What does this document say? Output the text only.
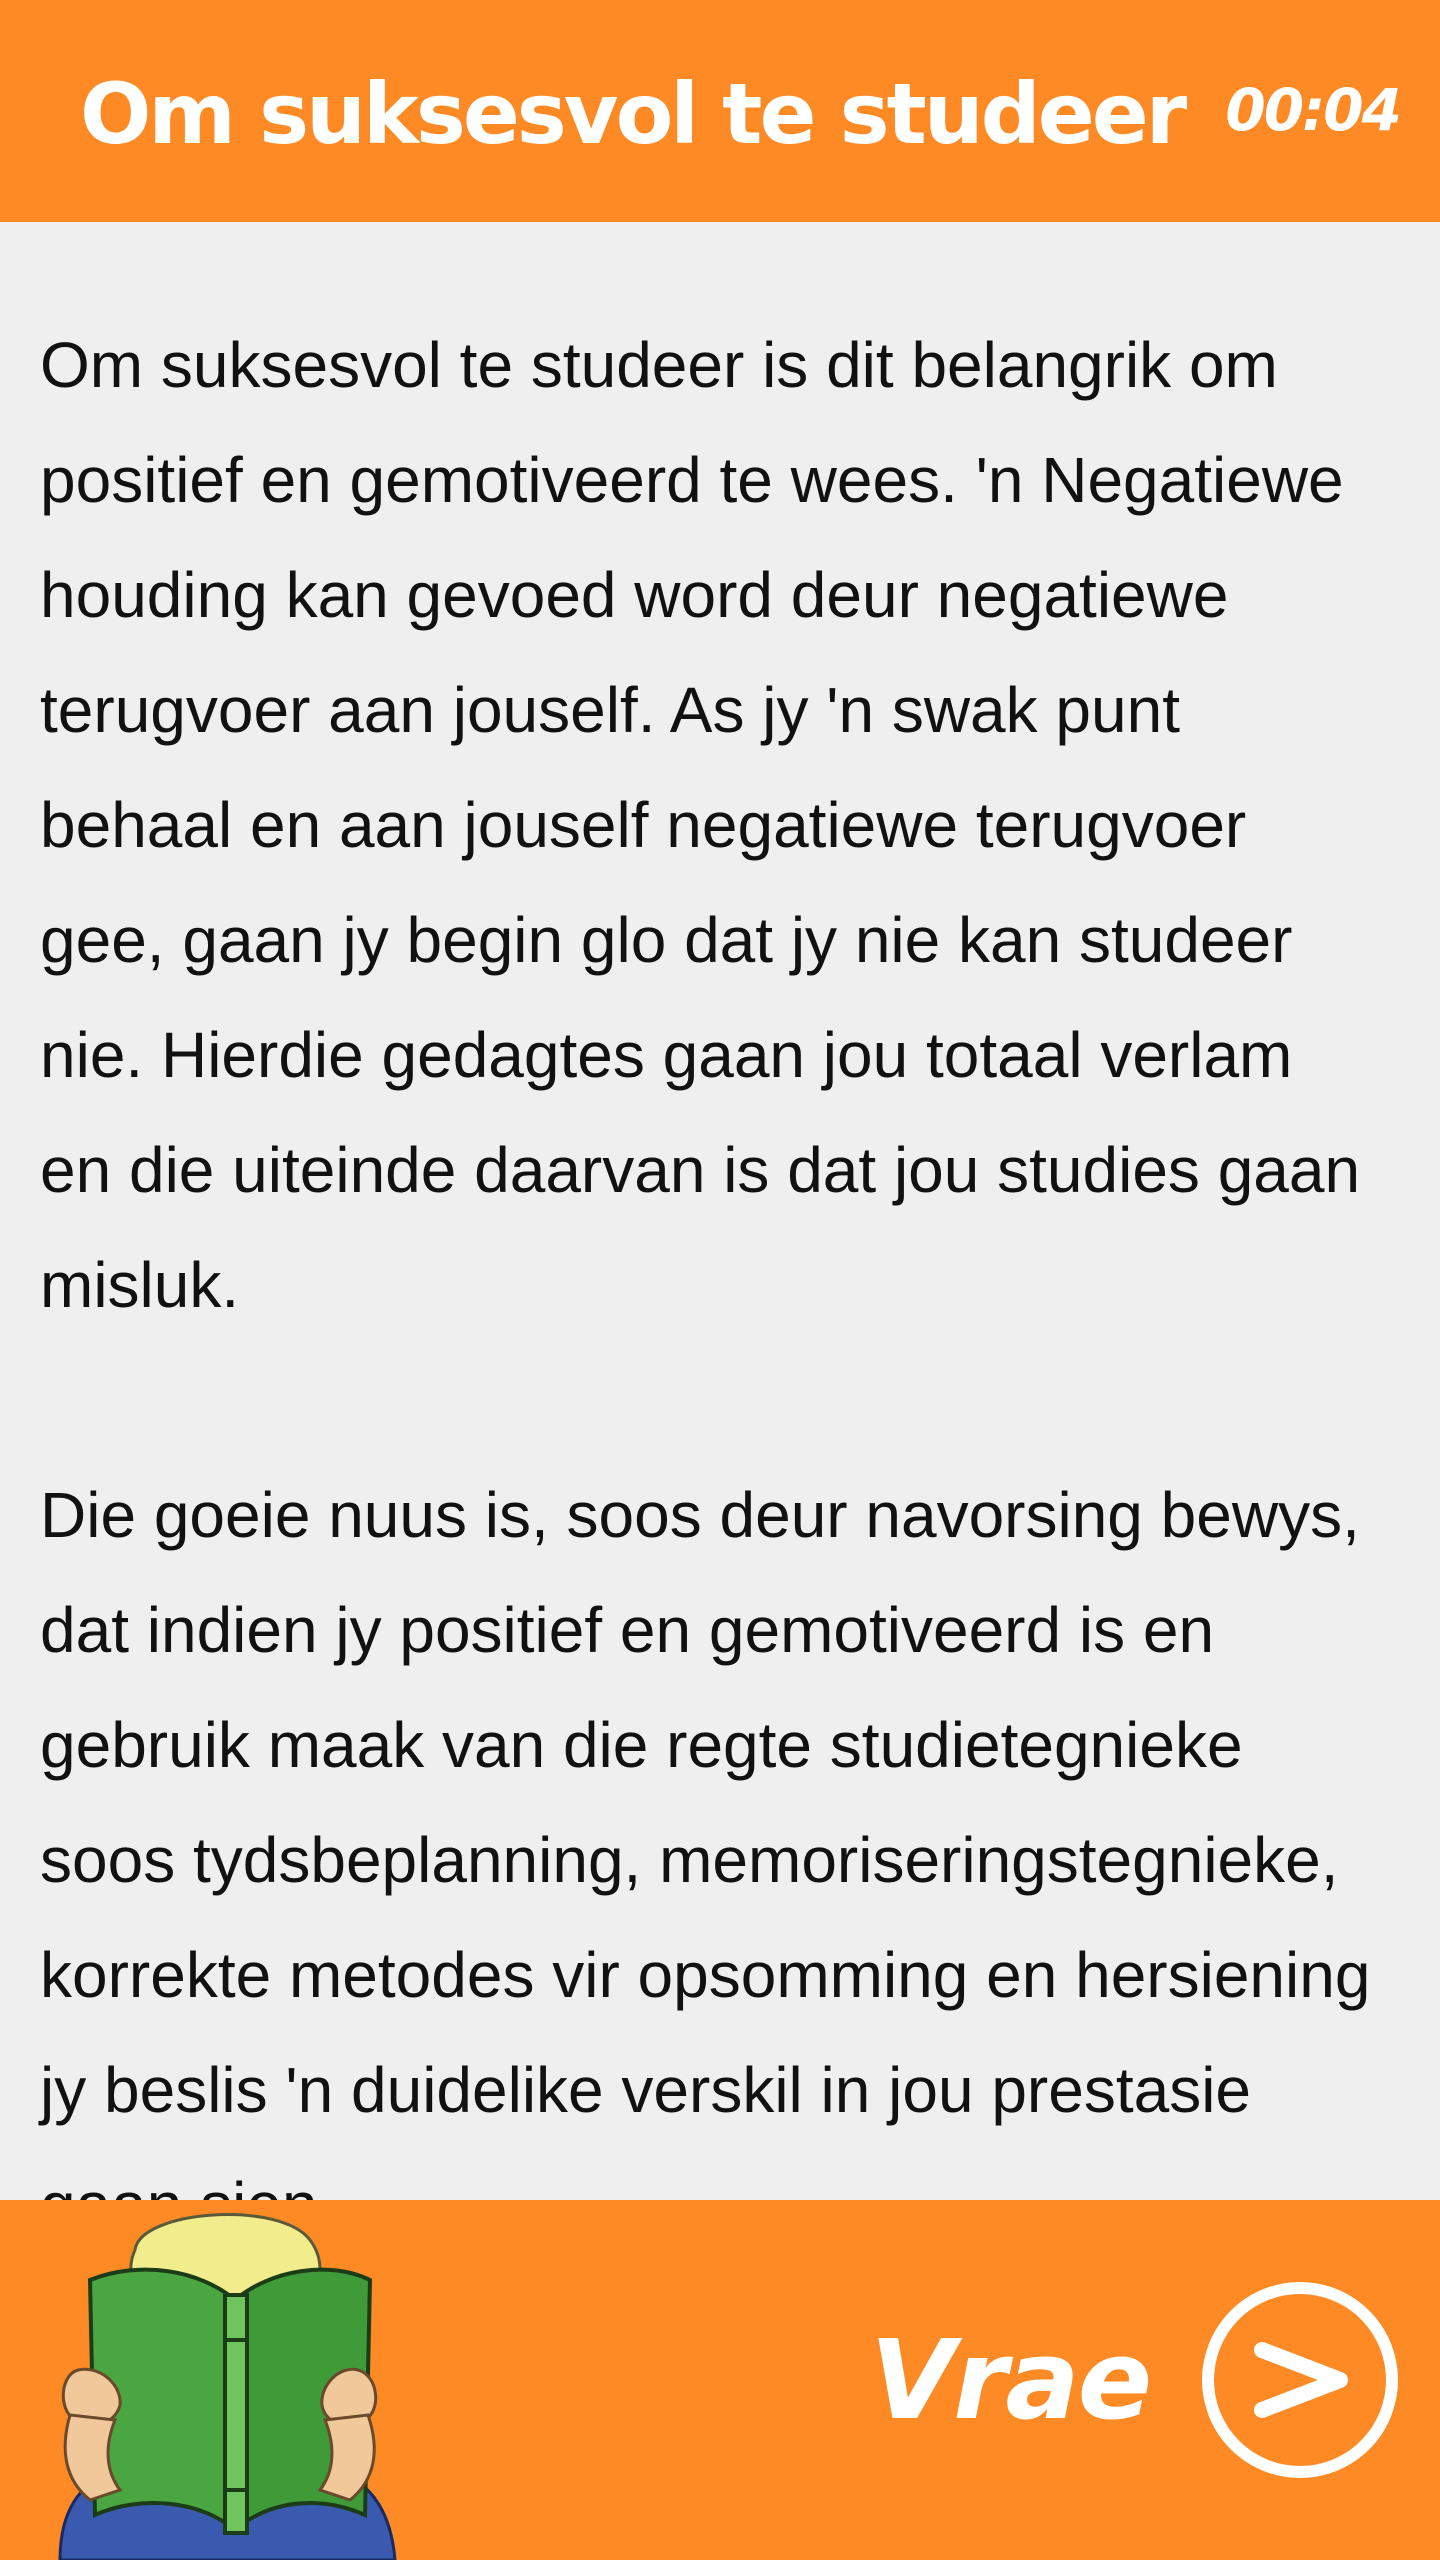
Om suksesvol te studeer 00:04

Om suksesvol te studeer is dit belangrik om positief en gemotiveerd te wees. 'n Negatiewe houding kan gevoed word deur negatiewe terugvoer aan jouself. As jy 'n swak punt behaal en aan jouself negatiewe terugvoer gee, gaan jy begin glo dat jy nie kan studeer nie. Hierdie gedagtes gaan jou totaal verlam en die uiteinde daarvan is dat jou studies gaan misluk.

Die goeie nuus is, soos deur navorsing bewys, dat indien jy positief en gemotiveerd is en gebruik maak van die regte studietegnieke soos tydsbeplanning, memoriseringstegnieke, korrekte metodes vir opsomming en hersiening jy beslis 'n duidelike verskil in jou prestasie

Vrae
